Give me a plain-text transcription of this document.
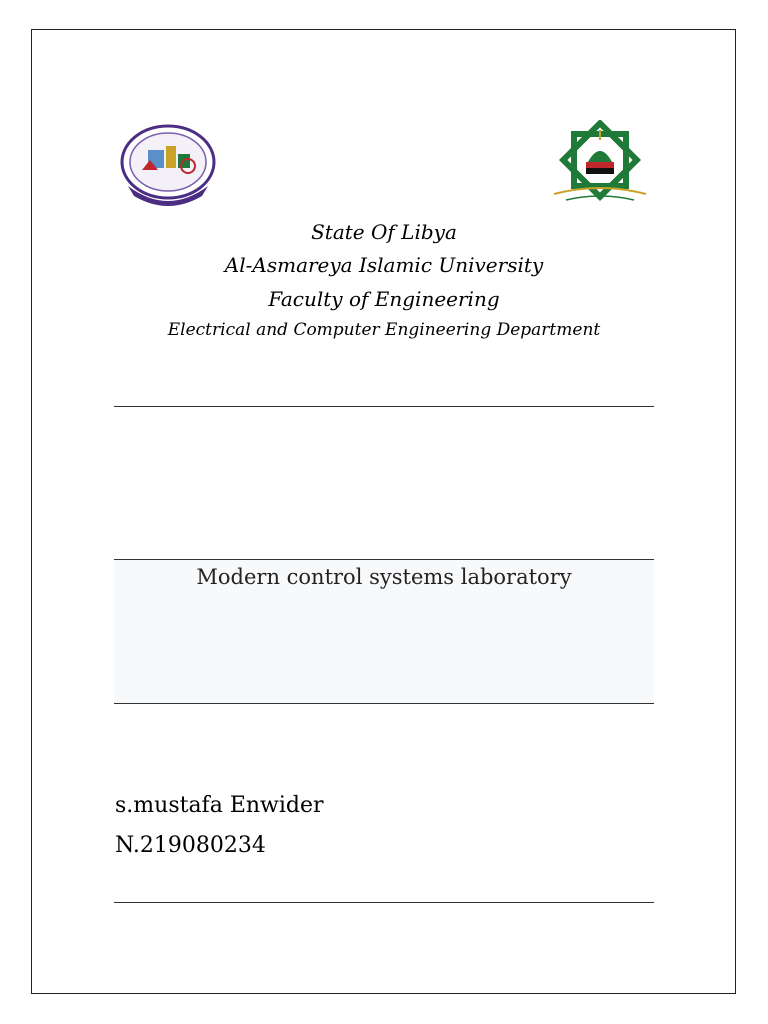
State Of Libya
Al-Asmareya Islamic University
Faculty of Engineering
Electrical and Computer Engineering Department
Modern control systems laboratory
s.mustafa Enwider
N.219080234
